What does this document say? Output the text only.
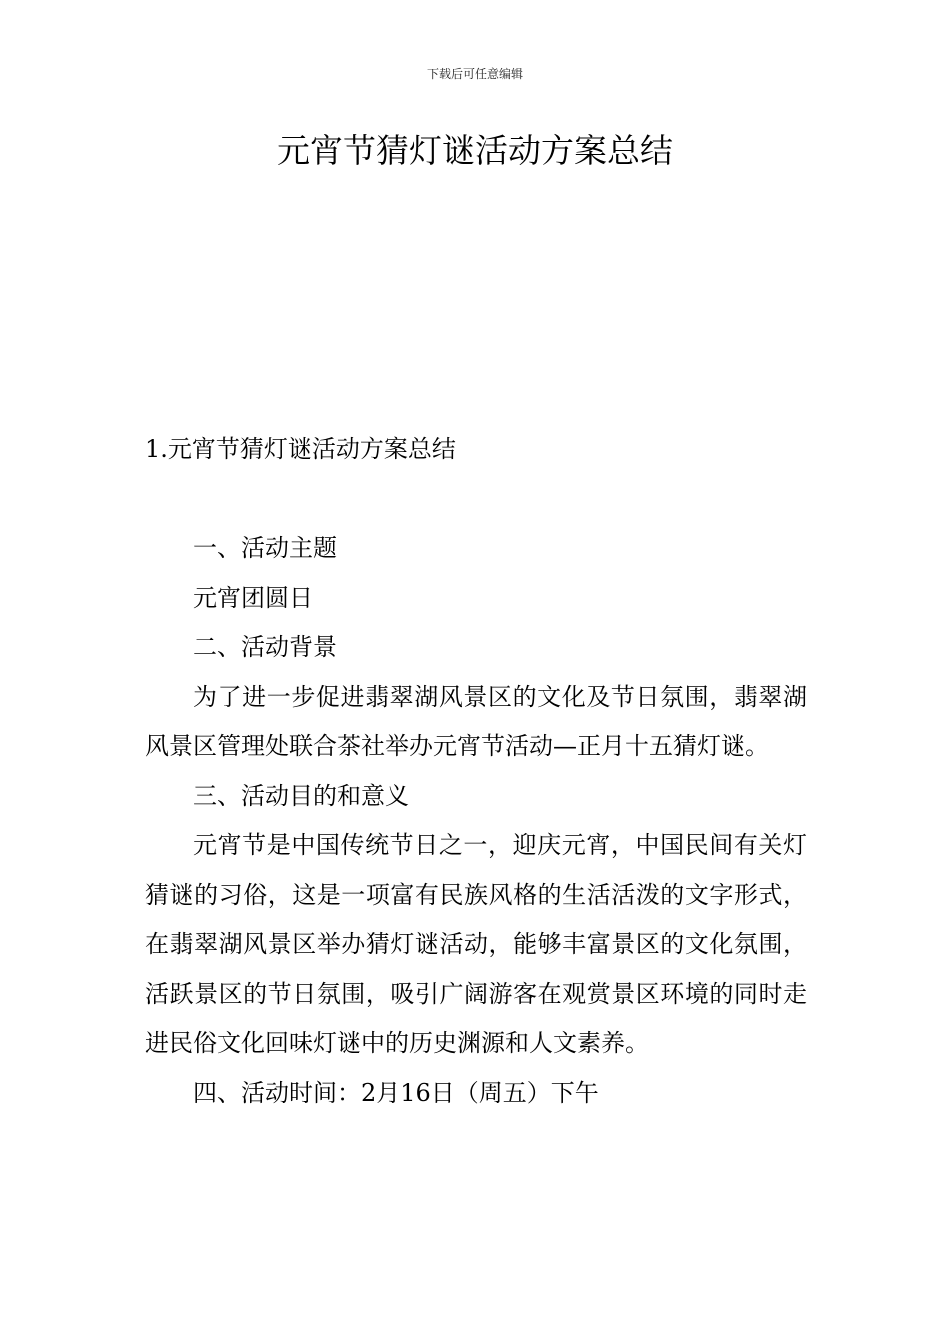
下载后可任意编辑
元宵节猜灯谜活动方案总结

1.元宵节猜灯谜活动方案总结

一、活动主题

元宵团圆日

二、活动背景

为了进一步促进翡翠湖风景区的文化及节日氛围，翡翠湖风景区管理处联合茶社举办元宵节活动—正月十五猜灯谜。

三、活动目的和意义

元宵节是中国传统节日之一，迎庆元宵，中国民间有关灯猜谜的习俗，这是一项富有民族风格的生活活泼的文字形式，在翡翠湖风景区举办猜灯谜活动，能够丰富景区的文化氛围，活跃景区的节日氛围，吸引广阔游客在观赏景区环境的同时走进民俗文化回味灯谜中的历史渊源和人文素养。

四、活动时间：2月16日（周五）下午
